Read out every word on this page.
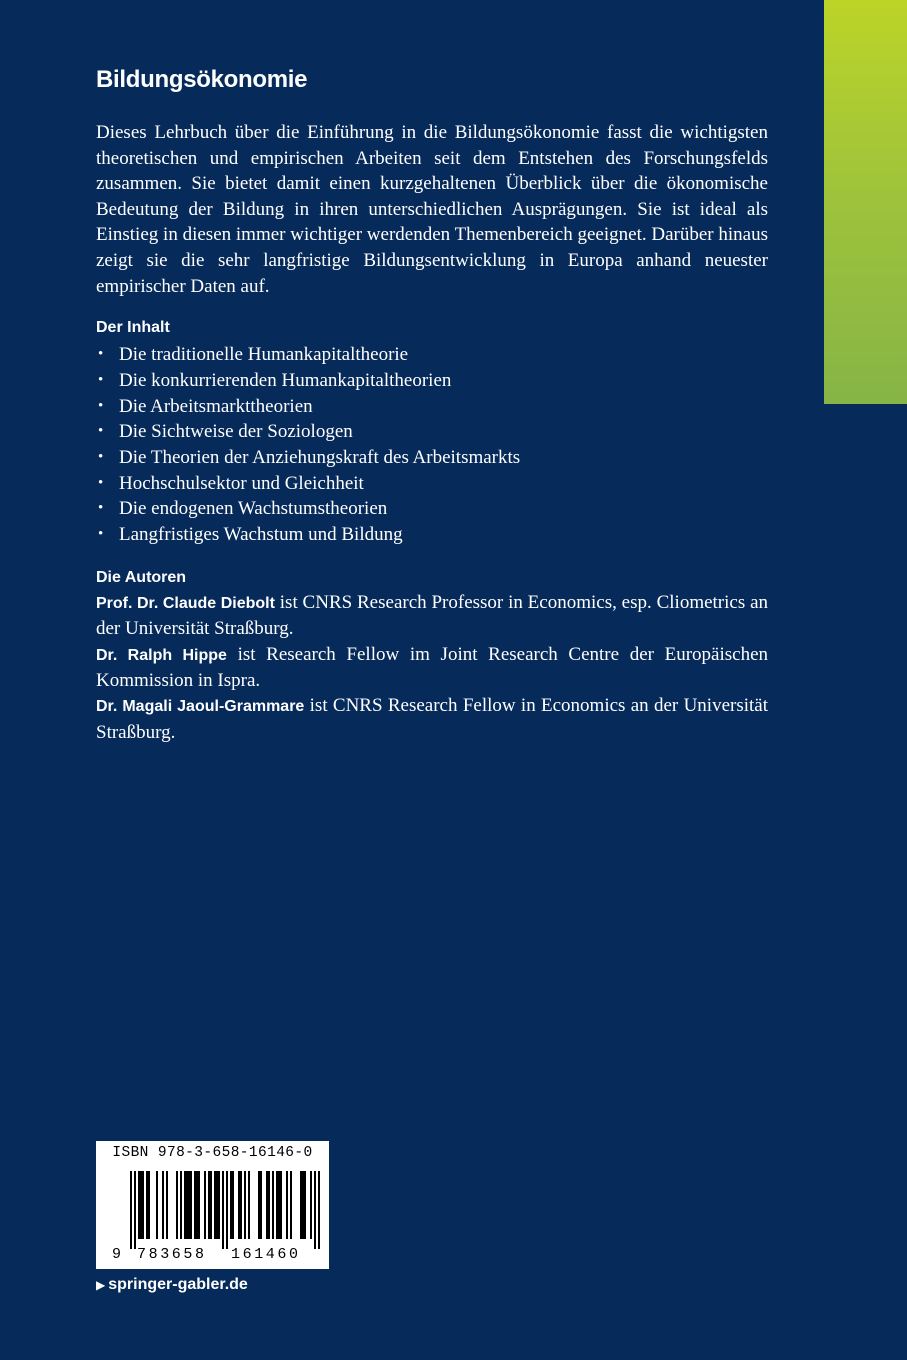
Bildungsökonomie

Dieses Lehrbuch über die Einführung in die Bildungsökonomie fasst die wichtigsten theoretischen und empirischen Arbeiten seit dem Entstehen des Forschungsfelds zusammen. Sie bietet damit einen kurzgehaltenen Überblick über die ökonomische Bedeutung der Bildung in ihren unterschiedlichen Ausprägungen. Sie ist ideal als Einstieg in diesen immer wichtiger werdenden Themenbereich geeignet. Darüber hinaus zeigt sie die sehr langfristige Bildungsentwicklung in Europa anhand neuester empirischer Daten auf.

Der Inhalt
• Die traditionelle Humankapitaltheorie
• Die konkurrierenden Humankapitaltheorien
• Die Arbeitsmarkttheorien
• Die Sichtweise der Soziologen
• Die Theorien der Anziehungskraft des Arbeitsmarkts
• Hochschulsektor und Gleichheit
• Die endogenen Wachstumstheorien
• Langfristiges Wachstum und Bildung
Die Autoren

Prof. Dr. Claude Diebolt ist CNRS Research Professor in Economics, esp. Cliometrics an der Universität Straßburg.

Dr. Ralph Hippe ist Research Fellow im Joint Research Centre der Europäischen Kommission in Ispra.

Dr. Magali Jaoul-Grammare ist CNRS Research Fellow in Economics an der Universität Straßburg.

ISBN 978-3-658-16146-0
9 783658 161460
▶ springer-gabler.de
